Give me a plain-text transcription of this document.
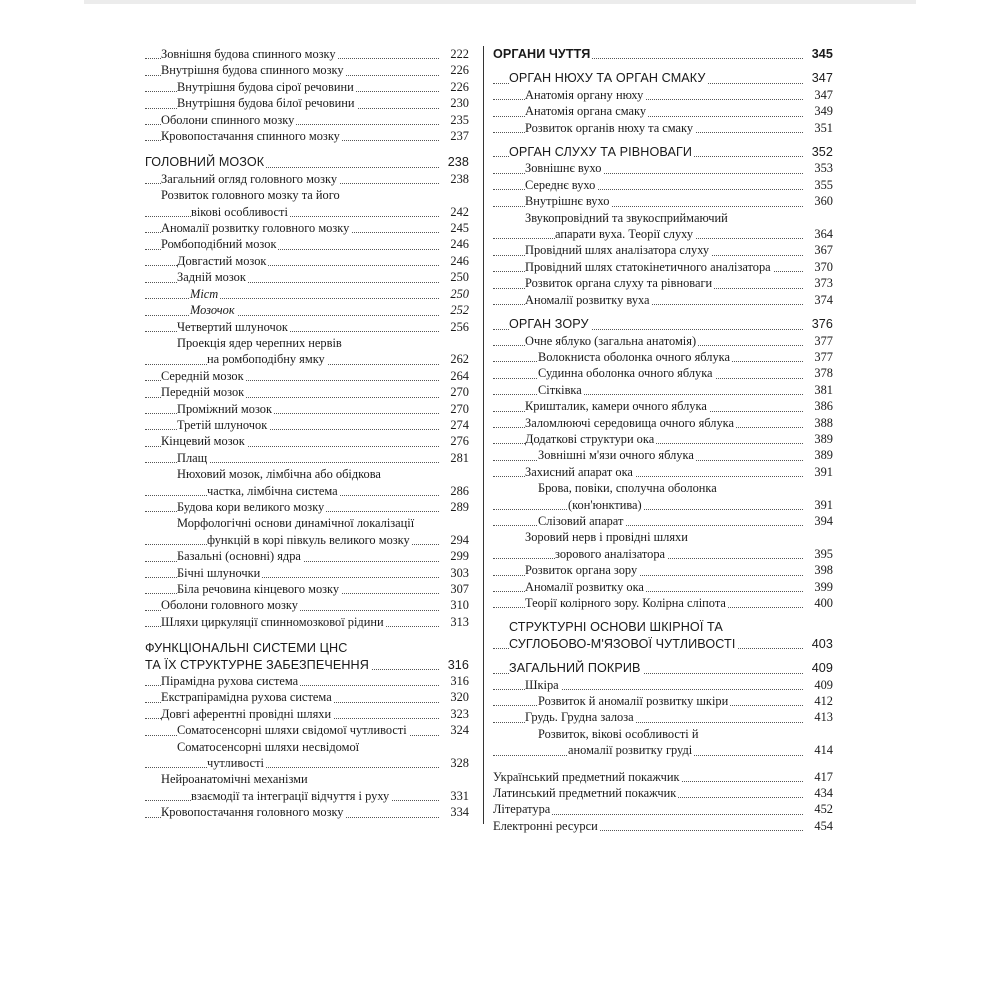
Зовнішня будова спинного мозку	222
Внутрішня будова спинного мозку	226
Внутрішня будова сірої речовини	226
Внутрішня будова білої речовини	230
Оболони спинного мозку	235
Кровопостачання спинного мозку	237
ГОЛОВНИЙ МОЗОК	238
Загальний огляд головного мозку	238
Розвиток головного мозку та його
вікові особливості	242
Аномалії розвитку головного мозку	245
Ромбоподібний мозок	246
Довгастий мозок	246
Задній мозок	250
Міст	250
Мозочок	252
Четвертий шлуночок	256
Проекція ядер черепних нервів
на ромбоподібну ямку	262
Середній мозок	264
Передній мозок	270
Проміжний мозок	270
Третій шлуночок	274
Кінцевий мозок	276
Плащ	281
Нюховий мозок, лімбічна або обідкова
частка, лімбічна система	286
Будова кори великого мозку	289
Морфологічні основи динамічної локалізації
функцій в корі півкуль великого мозку	294
Базальні (основні) ядра	299
Бічні шлуночки	303
Біла речовина кінцевого мозку	307
Оболони головного мозку	310
Шляхи циркуляції спинномозкової рідини	313
ФУНКЦІОНАЛЬНІ СИСТЕМИ ЦНС
ТА ЇХ СТРУКТУРНЕ ЗАБЕЗПЕЧЕННЯ	316
Пірамідна рухова система	316
Екстрапірамідна рухова система	320
Довгі аферентні провідні шляхи	323
Соматосенсорні шляхи свідомої чутливості	324
Соматосенсорні шляхи несвідомої
чутливості	328
Нейроанатомічні механізми
взаємодії та інтеграції відчуття і руху	331
Кровопостачання головного мозку	334
ОРГАНИ ЧУТТЯ	345
ОРГАН НЮХУ ТА ОРГАН СМАКУ	347
Анатомія органу нюху	347
Анатомія органа смаку	349
Розвиток органів нюху та смаку	351
ОРГАН СЛУХУ ТА РІВНОВАГИ	352
Зовнішнє вухо	353
Середнє вухо	355
Внутрішнє вухо	360
Звукопровідний та звукосприймаючий
апарати вуха. Теорії слуху	364
Провідний шлях аналізатора слуху	367
Провідний шлях статокінетичного аналізатора	370
Розвиток органа слуху та рівноваги	373
Аномалії розвитку вуха	374
ОРГАН ЗОРУ	376
Очне яблуко (загальна анатомія)	377
Волокниста оболонка очного яблука	377
Судинна оболонка очного яблука	378
Сітківка	381
Кришталик, камери очного яблука	386
Заломлюючі середовища очного яблука	388
Додаткові структури ока	389
Зовнішні м'язи очного яблука	389
Захисний апарат ока	391
Брова, повіки, сполучна оболонка
(кон'юнктива)	391
Слізовий апарат	394
Зоровий нерв і провідні шляхи
зорового аналізатора	395
Розвиток органа зору	398
Аномалії розвитку ока	399
Теорії колірного зору. Колірна сліпота	400
СТРУКТУРНІ ОСНОВИ ШКІРНОЇ ТА
СУГЛОБОВО-М'ЯЗОВОЇ ЧУТЛИВОСТІ	403
ЗАГАЛЬНИЙ ПОКРИВ	409
Шкіра	409
Розвиток й аномалії розвитку шкіри	412
Грудь. Грудна залоза	413
Розвиток, вікові особливості й
аномалії розвитку груді	414
Український предметний покажчик	417
Латинський предметний покажчик	434
Література	452
Електронні ресурси	454
